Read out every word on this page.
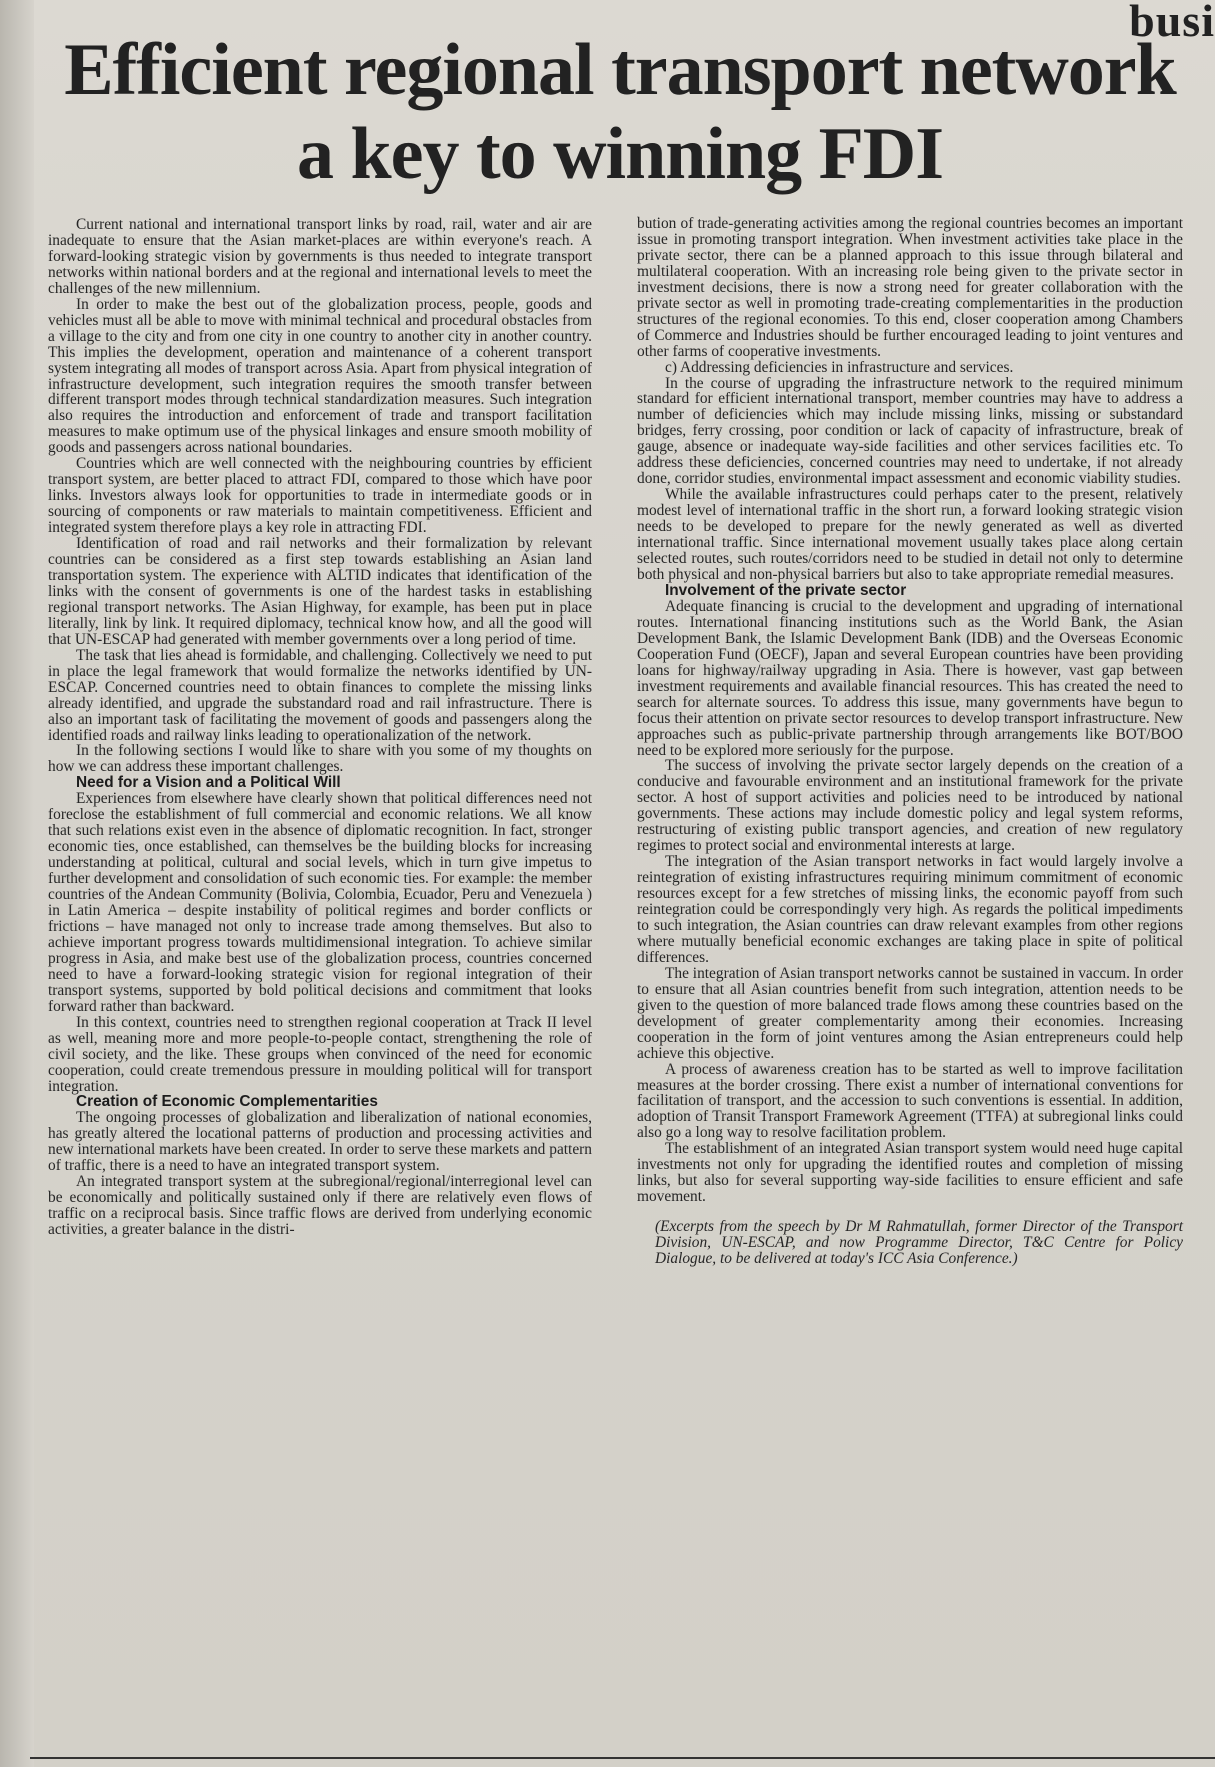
busi
Efficient regional transport network
a key to winning FDI

Current national and international transport links by road, rail, water and air are inadequate to ensure that the Asian market-places are within everyone's reach. A forward-looking strategic vision by governments is thus needed to integrate transport networks within national borders and at the regional and international levels to meet the challenges of the new millennium.

In order to make the best out of the globalization process, people, goods and vehicles must all be able to move with minimal technical and procedural obstacles from a village to the city and from one city in one country to another city in another country. This implies the development, operation and maintenance of a coherent transport system integrating all modes of transport across Asia. Apart from physical integration of infrastructure development, such integration requires the smooth transfer between different transport modes through technical standardization measures. Such integration also requires the introduction and enforcement of trade and transport facilitation measures to make optimum use of the physical linkages and ensure smooth mobility of goods and passengers across national boundaries.

Countries which are well connected with the neighbouring countries by efficient transport system, are better placed to attract FDI, compared to those which have poor links. Investors always look for opportunities to trade in intermediate goods or in sourcing of components or raw materials to maintain competitiveness. Efficient and integrated system therefore plays a key role in attracting FDI.

Identification of road and rail networks and their formalization by relevant countries can be considered as a first step towards establishing an Asian land transportation system. The experience with ALTID indicates that identification of the links with the consent of governments is one of the hardest tasks in establishing regional transport networks. The Asian Highway, for example, has been put in place literally, link by link. It required diplomacy, technical know how, and all the good will that UN-ESCAP had generated with member governments over a long period of time.

The task that lies ahead is formidable, and challenging. Collectively we need to put in place the legal framework that would formalize the networks identified by UN-ESCAP. Concerned countries need to obtain finances to complete the missing links already identified, and upgrade the substandard road and rail infrastructure. There is also an important task of facilitating the movement of goods and passengers along the identified roads and railway links leading to operationalization of the network.

In the following sections I would like to share with you some of my thoughts on how we can address these important challenges.

Need for a Vision and a Political Will

Experiences from elsewhere have clearly shown that political differences need not foreclose the establishment of full commercial and economic relations. We all know that such relations exist even in the absence of diplomatic recognition. In fact, stronger economic ties, once established, can themselves be the building blocks for increasing understanding at political, cultural and social levels, which in turn give impetus to further development and consolidation of such economic ties. For example: the member countries of the Andean Community (Bolivia, Colombia, Ecuador, Peru and Venezuela ) in Latin America – despite instability of political regimes and border conflicts or frictions – have managed not only to increase trade among themselves. But also to achieve important progress towards multidimensional integration. To achieve similar progress in Asia, and make best use of the globalization process, countries concerned need to have a forward-looking strategic vision for regional integration of their transport systems, supported by bold political decisions and commitment that looks forward rather than backward.

In this context, countries need to strengthen regional cooperation at Track II level as well, meaning more and more people-to-people contact, strengthening the role of civil society, and the like. These groups when convinced of the need for economic cooperation, could create tremendous pressure in moulding political will for transport integration.

Creation of Economic Complementarities

The ongoing processes of globalization and liberalization of national economies, has greatly altered the locational patterns of production and processing activities and new international markets have been created. In order to serve these markets and pattern of traffic, there is a need to have an integrated transport system.

An integrated transport system at the subregional/regional/interregional level can be economically and politically sustained only if there are relatively even flows of traffic on a reciprocal basis. Since traffic flows are derived from underlying economic activities, a greater balance in the distri-

bution of trade-generating activities among the regional countries becomes an important issue in promoting transport integration. When investment activities take place in the private sector, there can be a planned approach to this issue through bilateral and multilateral cooperation. With an increasing role being given to the private sector in investment decisions, there is now a strong need for greater collaboration with the private sector as well in promoting trade-creating complementarities in the production structures of the regional economies. To this end, closer cooperation among Chambers of Commerce and Industries should be further encouraged leading to joint ventures and other farms of cooperative investments.

c) Addressing deficiencies in infrastructure and services.

In the course of upgrading the infrastructure network to the required minimum standard for efficient international transport, member countries may have to address a number of deficiencies which may include missing links, missing or substandard bridges, ferry crossing, poor condition or lack of capacity of infrastructure, break of gauge, absence or inadequate way-side facilities and other services facilities etc. To address these deficiencies, concerned countries may need to undertake, if not already done, corridor studies, environmental impact assessment and economic viability studies.

While the available infrastructures could perhaps cater to the present, relatively modest level of international traffic in the short run, a forward looking strategic vision needs to be developed to prepare for the newly generated as well as diverted international traffic. Since international movement usually takes place along certain selected routes, such routes/corridors need to be studied in detail not only to determine both physical and non-physical barriers but also to take appropriate remedial measures.

Involvement of the private sector

Adequate financing is crucial to the development and upgrading of international routes. International financing institutions such as the World Bank, the Asian Development Bank, the Islamic Development Bank (IDB) and the Overseas Economic Cooperation Fund (OECF), Japan and several European countries have been providing loans for highway/railway upgrading in Asia. There is however, vast gap between investment requirements and available financial resources. This has created the need to search for alternate sources. To address this issue, many governments have begun to focus their attention on private sector resources to develop transport infrastructure. New approaches such as public-private partnership through arrangements like BOT/BOO need to be explored more seriously for the purpose.

The success of involving the private sector largely depends on the creation of a conducive and favourable environment and an institutional framework for the private sector. A host of support activities and policies need to be introduced by national governments. These actions may include domestic policy and legal system reforms, restructuring of existing public transport agencies, and creation of new regulatory regimes to protect social and environmental interests at large.

The integration of the Asian transport networks in fact would largely involve a reintegration of existing infrastructures requiring minimum commitment of economic resources except for a few stretches of missing links, the economic payoff from such reintegration could be correspondingly very high. As regards the political impediments to such integration, the Asian countries can draw relevant examples from other regions where mutually beneficial economic exchanges are taking place in spite of political differences.

The integration of Asian transport networks cannot be sustained in vaccum. In order to ensure that all Asian countries benefit from such integration, attention needs to be given to the question of more balanced trade flows among these countries based on the development of greater complementarity among their economies. Increasing cooperation in the form of joint ventures among the Asian entrepreneurs could help achieve this objective.

A process of awareness creation has to be started as well to improve facilitation measures at the border crossing. There exist a number of international conventions for facilitation of transport, and the accession to such conventions is essential. In addition, adoption of Transit Transport Framework Agreement (TTFA) at subregional links could also go a long way to resolve facilitation problem.

The establishment of an integrated Asian transport system would need huge capital investments not only for upgrading the identified routes and completion of missing links, but also for several supporting way-side facilities to ensure efficient and safe movement.

(Excerpts from the speech by Dr M Rahmatullah, former Director of the Transport Division, UN-ESCAP, and now Programme Director, T&C Centre for Policy Dialogue, to be delivered at today's ICC Asia Conference.)
